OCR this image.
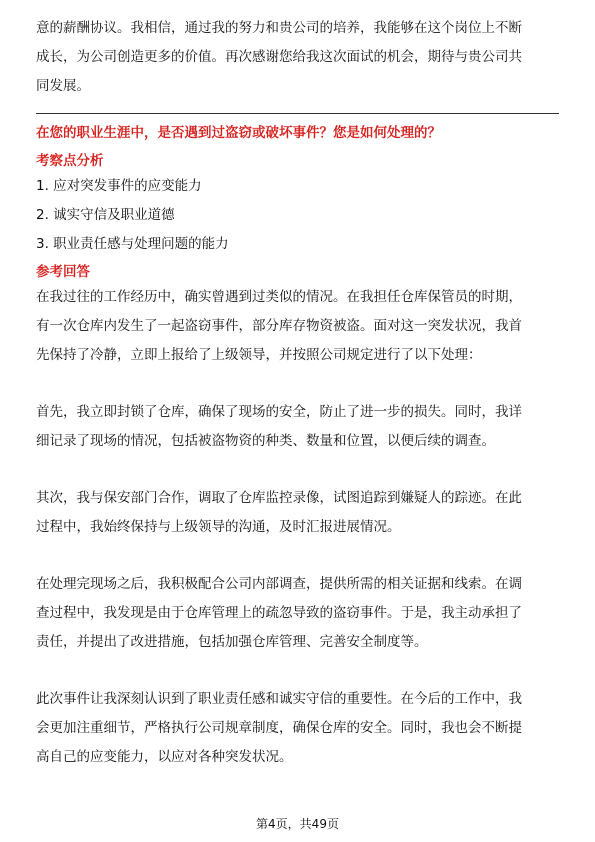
意的薪酬协议。我相信，通过我的努力和贵公司的培养，我能够在这个岗位上不断
成长，为公司创造更多的价值。再次感谢您给我这次面试的机会，期待与贵公司共
同发展。

在您的职业生涯中，是否遇到过盗窃或破坏事件？您是如何处理的？

考察点分析

1. 应对突发事件的应变能力
2. 诚实守信及职业道德
3. 职业责任感与处理问题的能力

参考回答

在我过往的工作经历中，确实曾遇到过类似的情况。在我担任仓库保管员的时期，
有一次仓库内发生了一起盗窃事件，部分库存物资被盗。面对这一突发状况，我首
先保持了冷静，立即上报给了上级领导，并按照公司规定进行了以下处理：

首先，我立即封锁了仓库，确保了现场的安全，防止了进一步的损失。同时，我详
细记录了现场的情况，包括被盗物资的种类、数量和位置，以便后续的调查。

其次，我与保安部门合作，调取了仓库监控录像，试图追踪到嫌疑人的踪迹。在此
过程中，我始终保持与上级领导的沟通，及时汇报进展情况。

在处理完现场之后，我积极配合公司内部调查，提供所需的相关证据和线索。在调
查过程中，我发现是由于仓库管理上的疏忽导致的盗窃事件。于是，我主动承担了
责任，并提出了改进措施，包括加强仓库管理、完善安全制度等。

此次事件让我深刻认识到了职业责任感和诚实守信的重要性。在今后的工作中，我
会更加注重细节，严格执行公司规章制度，确保仓库的安全。同时，我也会不断提
高自己的应变能力，以应对各种突发状况。

第4页，共49页
